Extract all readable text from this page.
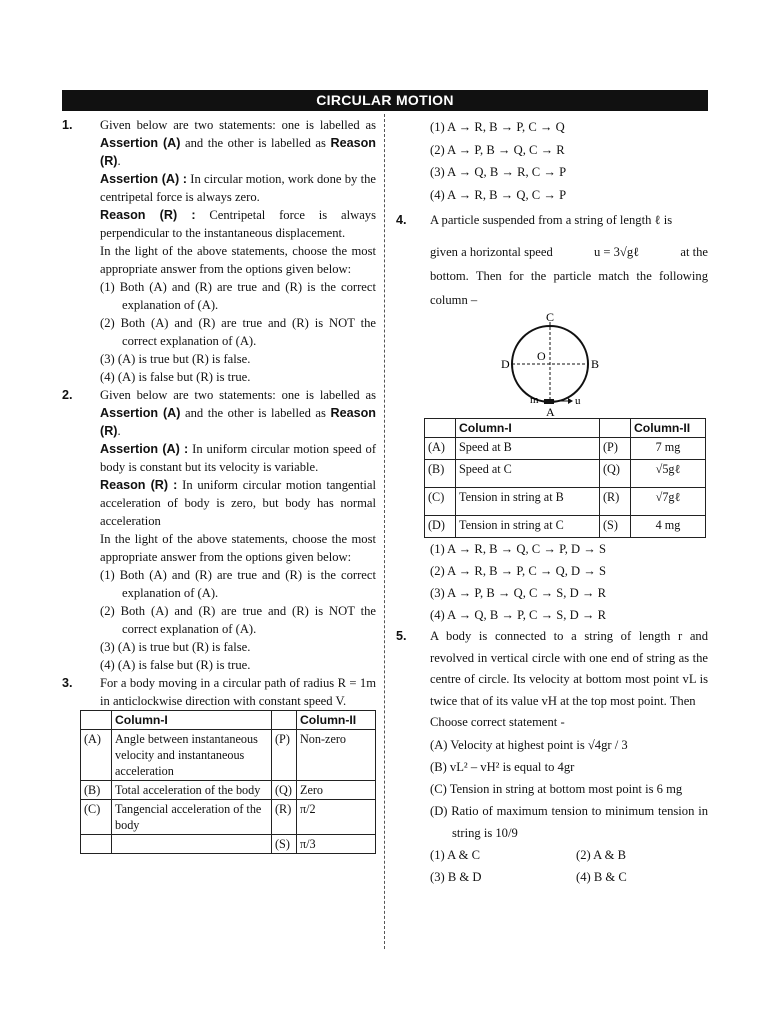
CIRCULAR MOTION
1. Given below are two statements: one is labelled as Assertion (A) and the other is labelled as Reason (R).
Assertion (A) : In circular motion, work done by the centripetal force is always zero.
Reason (R) : Centripetal force is always perpendicular to the instantaneous displacement.
In the light of the above statements, choose the most appropriate answer from the options given below:
(1) Both (A) and (R) are true and (R) is the correct explanation of (A).
(2) Both (A) and (R) are true and (R) is NOT the correct explanation of (A).
(3) (A) is true but (R) is false.
(4) (A) is false but (R) is true.
2. Given below are two statements: one is labelled as Assertion (A) and the other is labelled as Reason (R).
Assertion (A) : In uniform circular motion speed of body is constant but its velocity is variable.
Reason (R) : In uniform circular motion tangential acceleration of body is zero, but body has normal acceleration
In the light of the above statements, choose the most appropriate answer from the options given below:
(1) Both (A) and (R) are true and (R) is the correct explanation of (A).
(2) Both (A) and (R) are true and (R) is NOT the correct explanation of (A).
(3) (A) is true but (R) is false.
(4) (A) is false but (R) is true.
3. For a body moving in a circular path of radius R = 1m in anticlockwise direction with constant speed V.
	Column-I		Column-II
(A)	Angle between instantaneous velocity and instantaneous acceleration	(P)	Non-zero
(B)	Total acceleration of the body	(Q)	Zero
(C)	Tangencial acceleration of the body	(R)	π/2
		(S)	π/3
(1) A → R, B → P, C → Q
(2) A → P, B → Q, C → R
(3) A → Q, B → R, C → P
(4) A → R, B → Q, C → P
4. A particle suspended from a string of length ℓ is
given a horizontal speed	u = 3√gℓ	at the
bottom. Then for the particle match the following column –
C
D	B
O
A
m	u
	Column-I		Column-II
(A)	Speed at B	(P)	7 mg
(B)	Speed at C	(Q)	√5gℓ
(C)	Tension in string at B	(R)	√7gℓ
(D)	Tension in string at C	(S)	4 mg
(1) A → R, B → Q, C → P, D → S
(2) A → R, B → P, C → Q, D → S
(3) A → P, B → Q, C → S, D → R
(4) A → Q, B → P, C → S, D → R
5. A body is connected to a string of length r and revolved in vertical circle with one end of string as the centre of circle. Its velocity at bottom most point vL is twice that of its value vH at the top most point. Then
Choose correct statement -
(A) Velocity at highest point is √4gr / 3
(B) vL² – vH² is equal to 4gr
(C) Tension in string at bottom most point is 6 mg
(D) Ratio of maximum tension to minimum tension in string is 10/9
(1) A & C	(2) A & B
(3) B & D	(4) B & C
